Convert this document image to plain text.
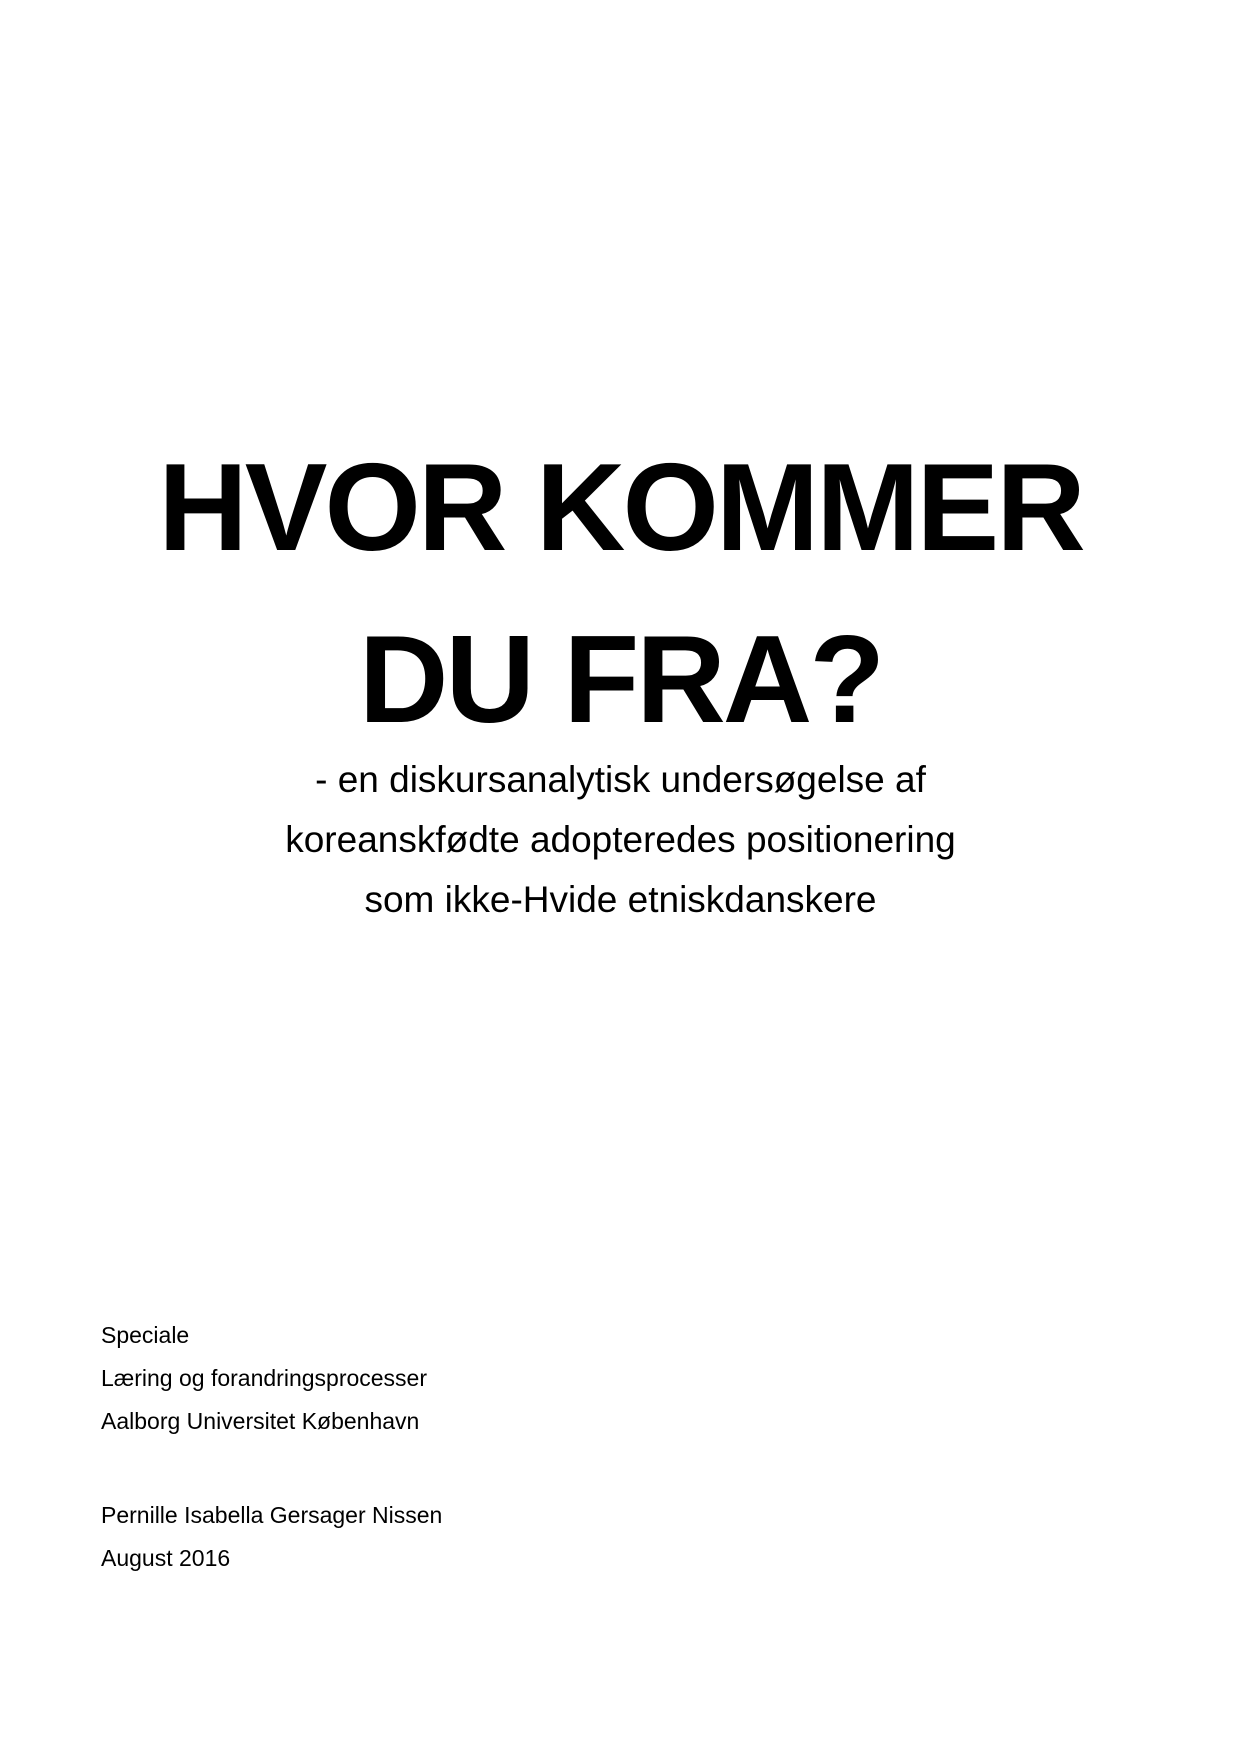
HVOR KOMMER
DU FRA?
- en diskursanalytisk undersøgelse af
koreanskfødte adopteredes positionering
som ikke-Hvide etniskdanskere
Speciale
Læring og forandringsprocesser
Aalborg Universitet København
Pernille Isabella Gersager Nissen
August 2016
